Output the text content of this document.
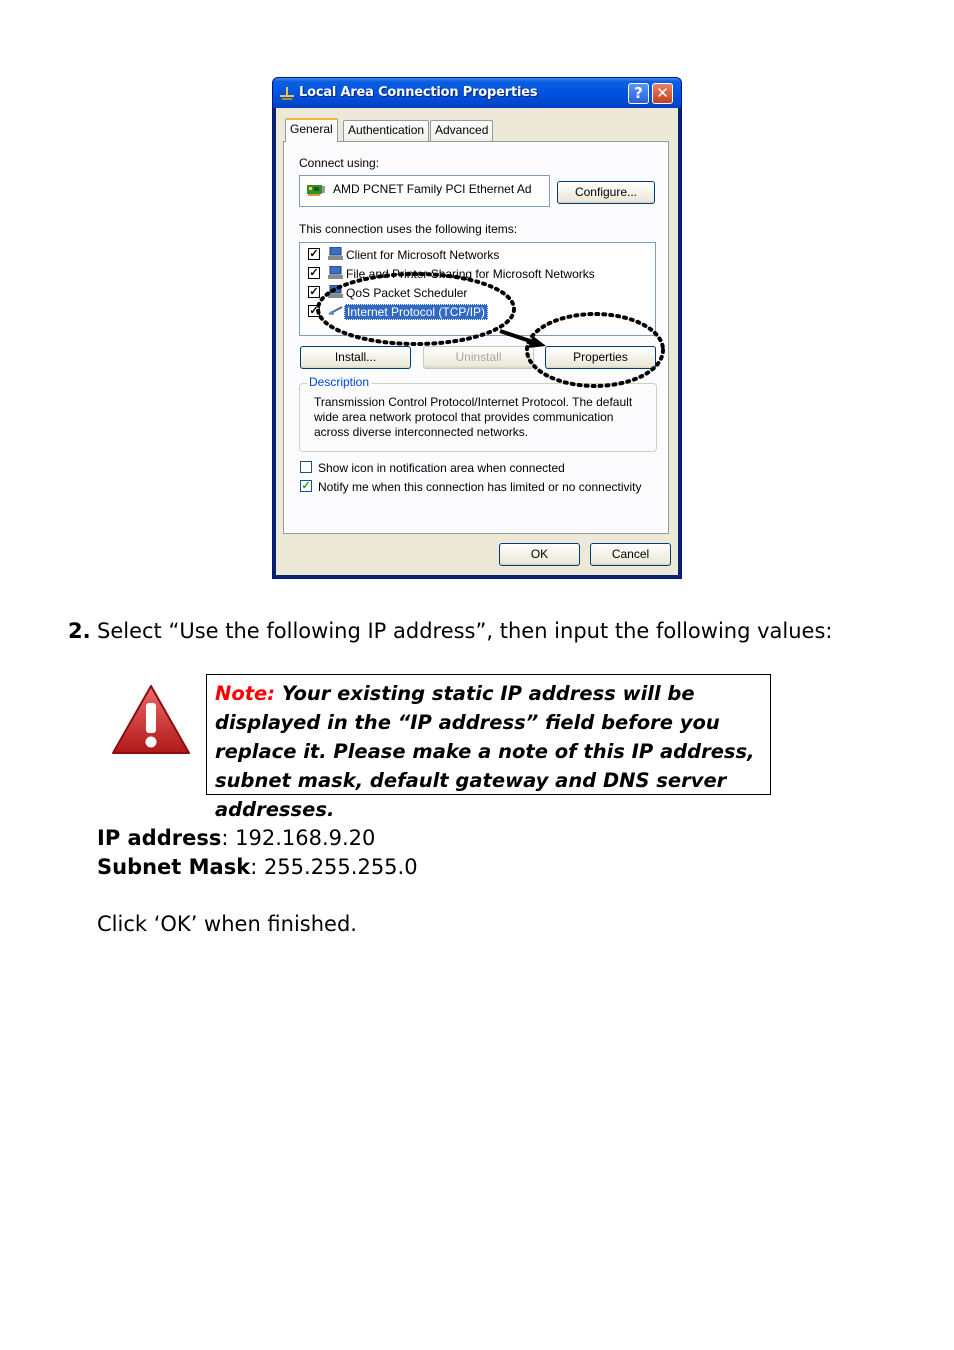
Local Area Connection Properties	? ✕
General	Authentication Advanced
Connect using:
AMD PCNET Family PCI Ethernet Ad	Configure...
This connection uses the following items:
✓ Client for Microsoft Networks
✓ File and Printer Sharing for Microsoft Networks
✓ QoS Packet Scheduler
✓ Internet Protocol (TCP/IP)
Install...	Uninstall	Properties
Description
Transmission Control Protocol/Internet Protocol. The default wide area network protocol that provides communication across diverse interconnected networks.
Show icon in notification area when connected
✓ Notify me when this connection has limited or no connectivity
OK	Cancel
2. Select “Use the following IP address”, then input the following values:
Note: Your existing static IP address will be displayed in the “IP address” field before you replace it. Please make a note of this IP address, subnet mask, default gateway and DNS server addresses.
IP address: 192.168.9.20
Subnet Mask: 255.255.255.0
Click ‘OK’ when finished.
